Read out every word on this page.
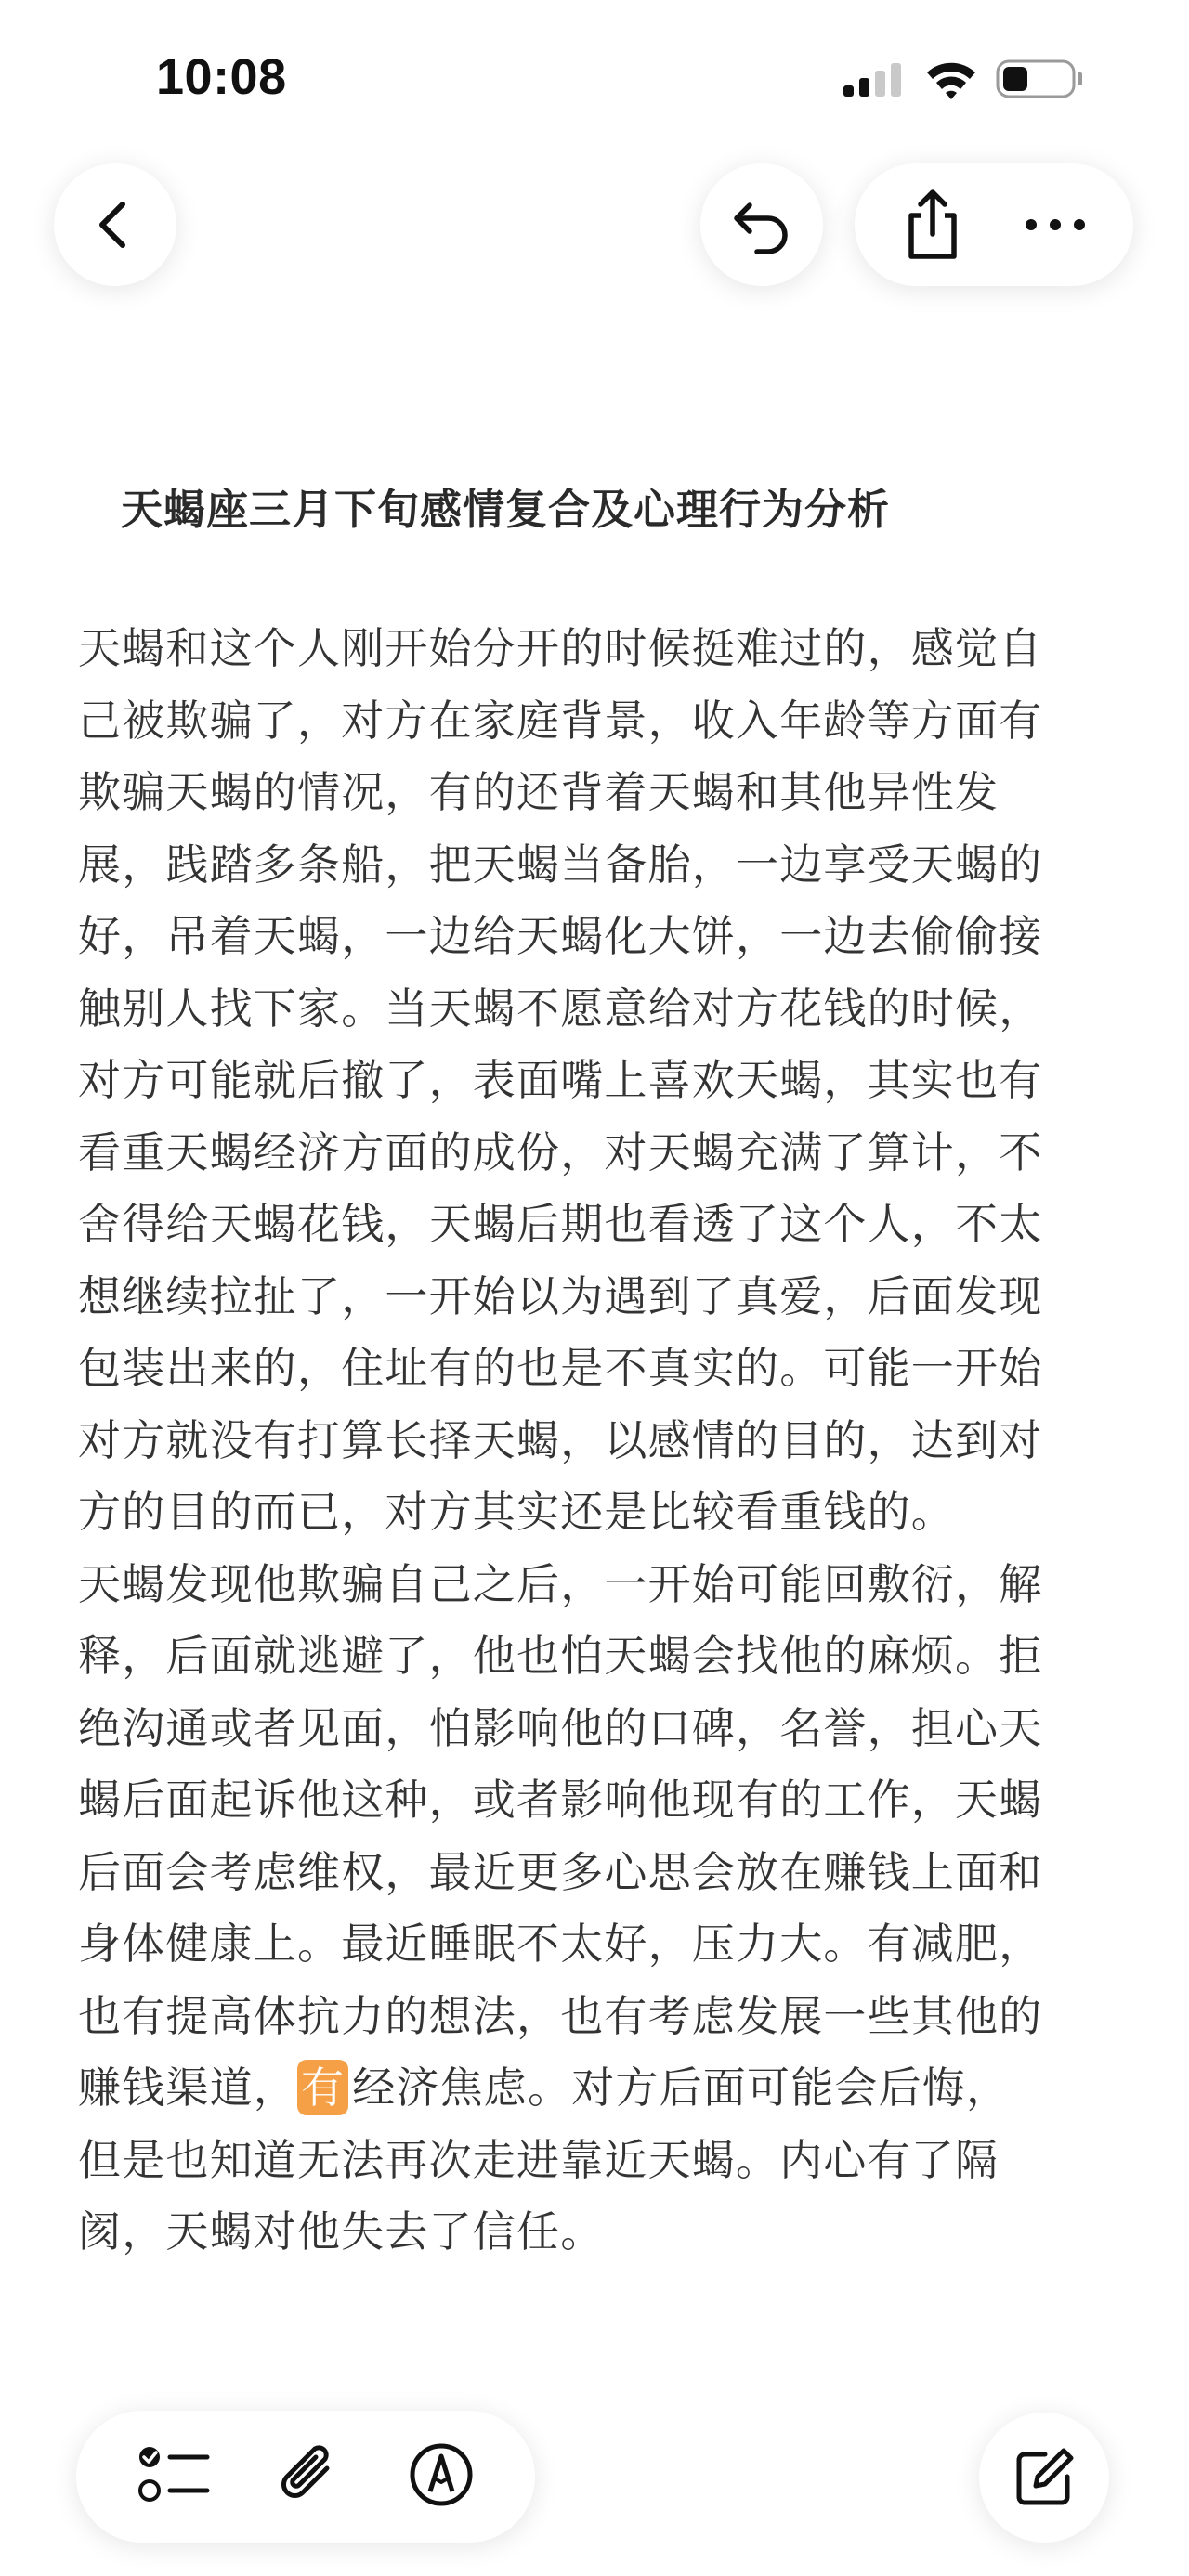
10:08
天蝎座三月下旬感情复合及心理行为分析
天蝎和这个人刚开始分开的时候挺难过的，感觉自
己被欺骗了，对方在家庭背景，收入年龄等方面有
欺骗天蝎的情况，有的还背着天蝎和其他异性发
展，践踏多条船，把天蝎当备胎，一边享受天蝎的
好，吊着天蝎，一边给天蝎化大饼，一边去偷偷接
触别人找下家。当天蝎不愿意给对方花钱的时候，
对方可能就后撤了，表面嘴上喜欢天蝎，其实也有
看重天蝎经济方面的成份，对天蝎充满了算计，不
舍得给天蝎花钱，天蝎后期也看透了这个人，不太
想继续拉扯了，一开始以为遇到了真爱，后面发现
包装出来的，住址有的也是不真实的。可能一开始
对方就没有打算长择天蝎，以感情的目的，达到对
方的目的而已，对方其实还是比较看重钱的。
天蝎发现他欺骗自己之后，一开始可能回敷衍，解
释，后面就逃避了，他也怕天蝎会找他的麻烦。拒
绝沟通或者见面，怕影响他的口碑，名誉，担心天
蝎后面起诉他这种，或者影响他现有的工作，天蝎
后面会考虑维权，最近更多心思会放在赚钱上面和
身体健康上。最近睡眠不太好，压力大。有减肥，
也有提高体抗力的想法，也有考虑发展一些其他的
赚钱渠道，有 经济焦虑。对方后面可能会后悔，
但是也知道无法再次走进靠近天蝎。内心有了隔
阂，天蝎对他失去了信任。
